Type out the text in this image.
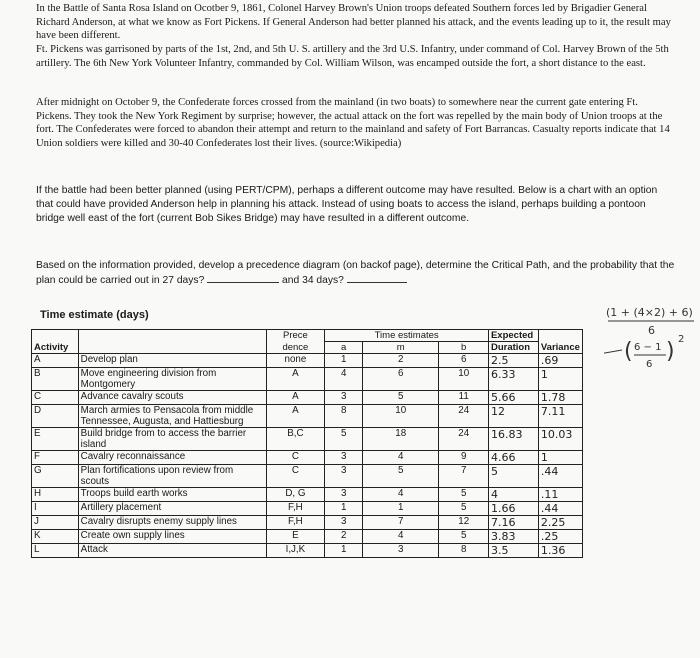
In the Battle of Santa Rosa Island on Ocotber 9, 1861, Colonel Harvey Brown's Union troops defeated Southern forces led by Brigadier General Richard Anderson, at what we know as Fort Pickens. If General Anderson had better planned his attack, and the events leading up to it, the result may have been different.

Ft. Pickens was garrisoned by parts of the 1st, 2nd, and 5th U. S. artillery and the 3rd U.S. Infantry, under command of Col. Harvey Brown of the 5th artillery. The 6th New York Volunteer Infantry, commanded by Col. William Wilson, was encamped outside the fort, a short distance to the east.

After midnight on October 9, the Confederate forces crossed from the mainland (in two boats) to somewhere near the current gate entering Ft. Pickens. They took the New York Regiment by surprise; however, the actual attack on the fort was repelled by the main body of Union troops at the fort. The Confederates were forced to abandon their attempt and return to the mainland and safety of Fort Barrancas. Casualty reports indicate that 14 Union soldiers were killed and 30-40 Confederates lost their lives. (source:Wikipedia)

If the battle had been better planned (using PERT/CPM), perhaps a different outcome may have resulted. Below is a chart with an option that could have provided Anderson help in planning his attack. Instead of using boats to access the island, perhaps building a pontoon bridge well east of the fort (current Bob Sikes Bridge) may have resulted in a different outcome.

Based on the information provided, develop a precedence diagram (on backof page), determine the Critical Path, and the probability that the plan could be carried out in 27 days?	and 34 days?

Time estimate (days)
		Prece	Time estimates			Expected	
Activity		dence	a	m	b	Duration	Variance
A	Develop plan	none	1	2	6	2.5	.69
B	Move engineering division from Montgomery	A	4	6	10	6.33	1
C	Advance cavalry scouts	A	3	5	11	5.66	1.78
D	March armies to Pensacola from middle Tennessee, Augusta, and Hattiesburg	A	8	10	24	12	7.11
E	Build bridge from to access the barrier island	B,C	5	18	24	16.83	10.03
F	Cavalry reconnaissance	C	3	4	9	4.66	1
G	Plan fortifications upon review from scouts	C	3	5	7	5	.44
H	Troops build earth works	D, G	3	4	5	4	.11
I	Artillery placement	F,H	1	1	5	1.66	.44
J	Cavalry disrupts enemy supply lines	F,H	3	7	12	7.16	2.25
K	Create own supply lines	E	2	4	5	3.83	.25
L	Attack	I,J,K	1	3	8	3.5	1.36
(1 + (4×2) + 6)
6
( 6 − 1
6
) 2
